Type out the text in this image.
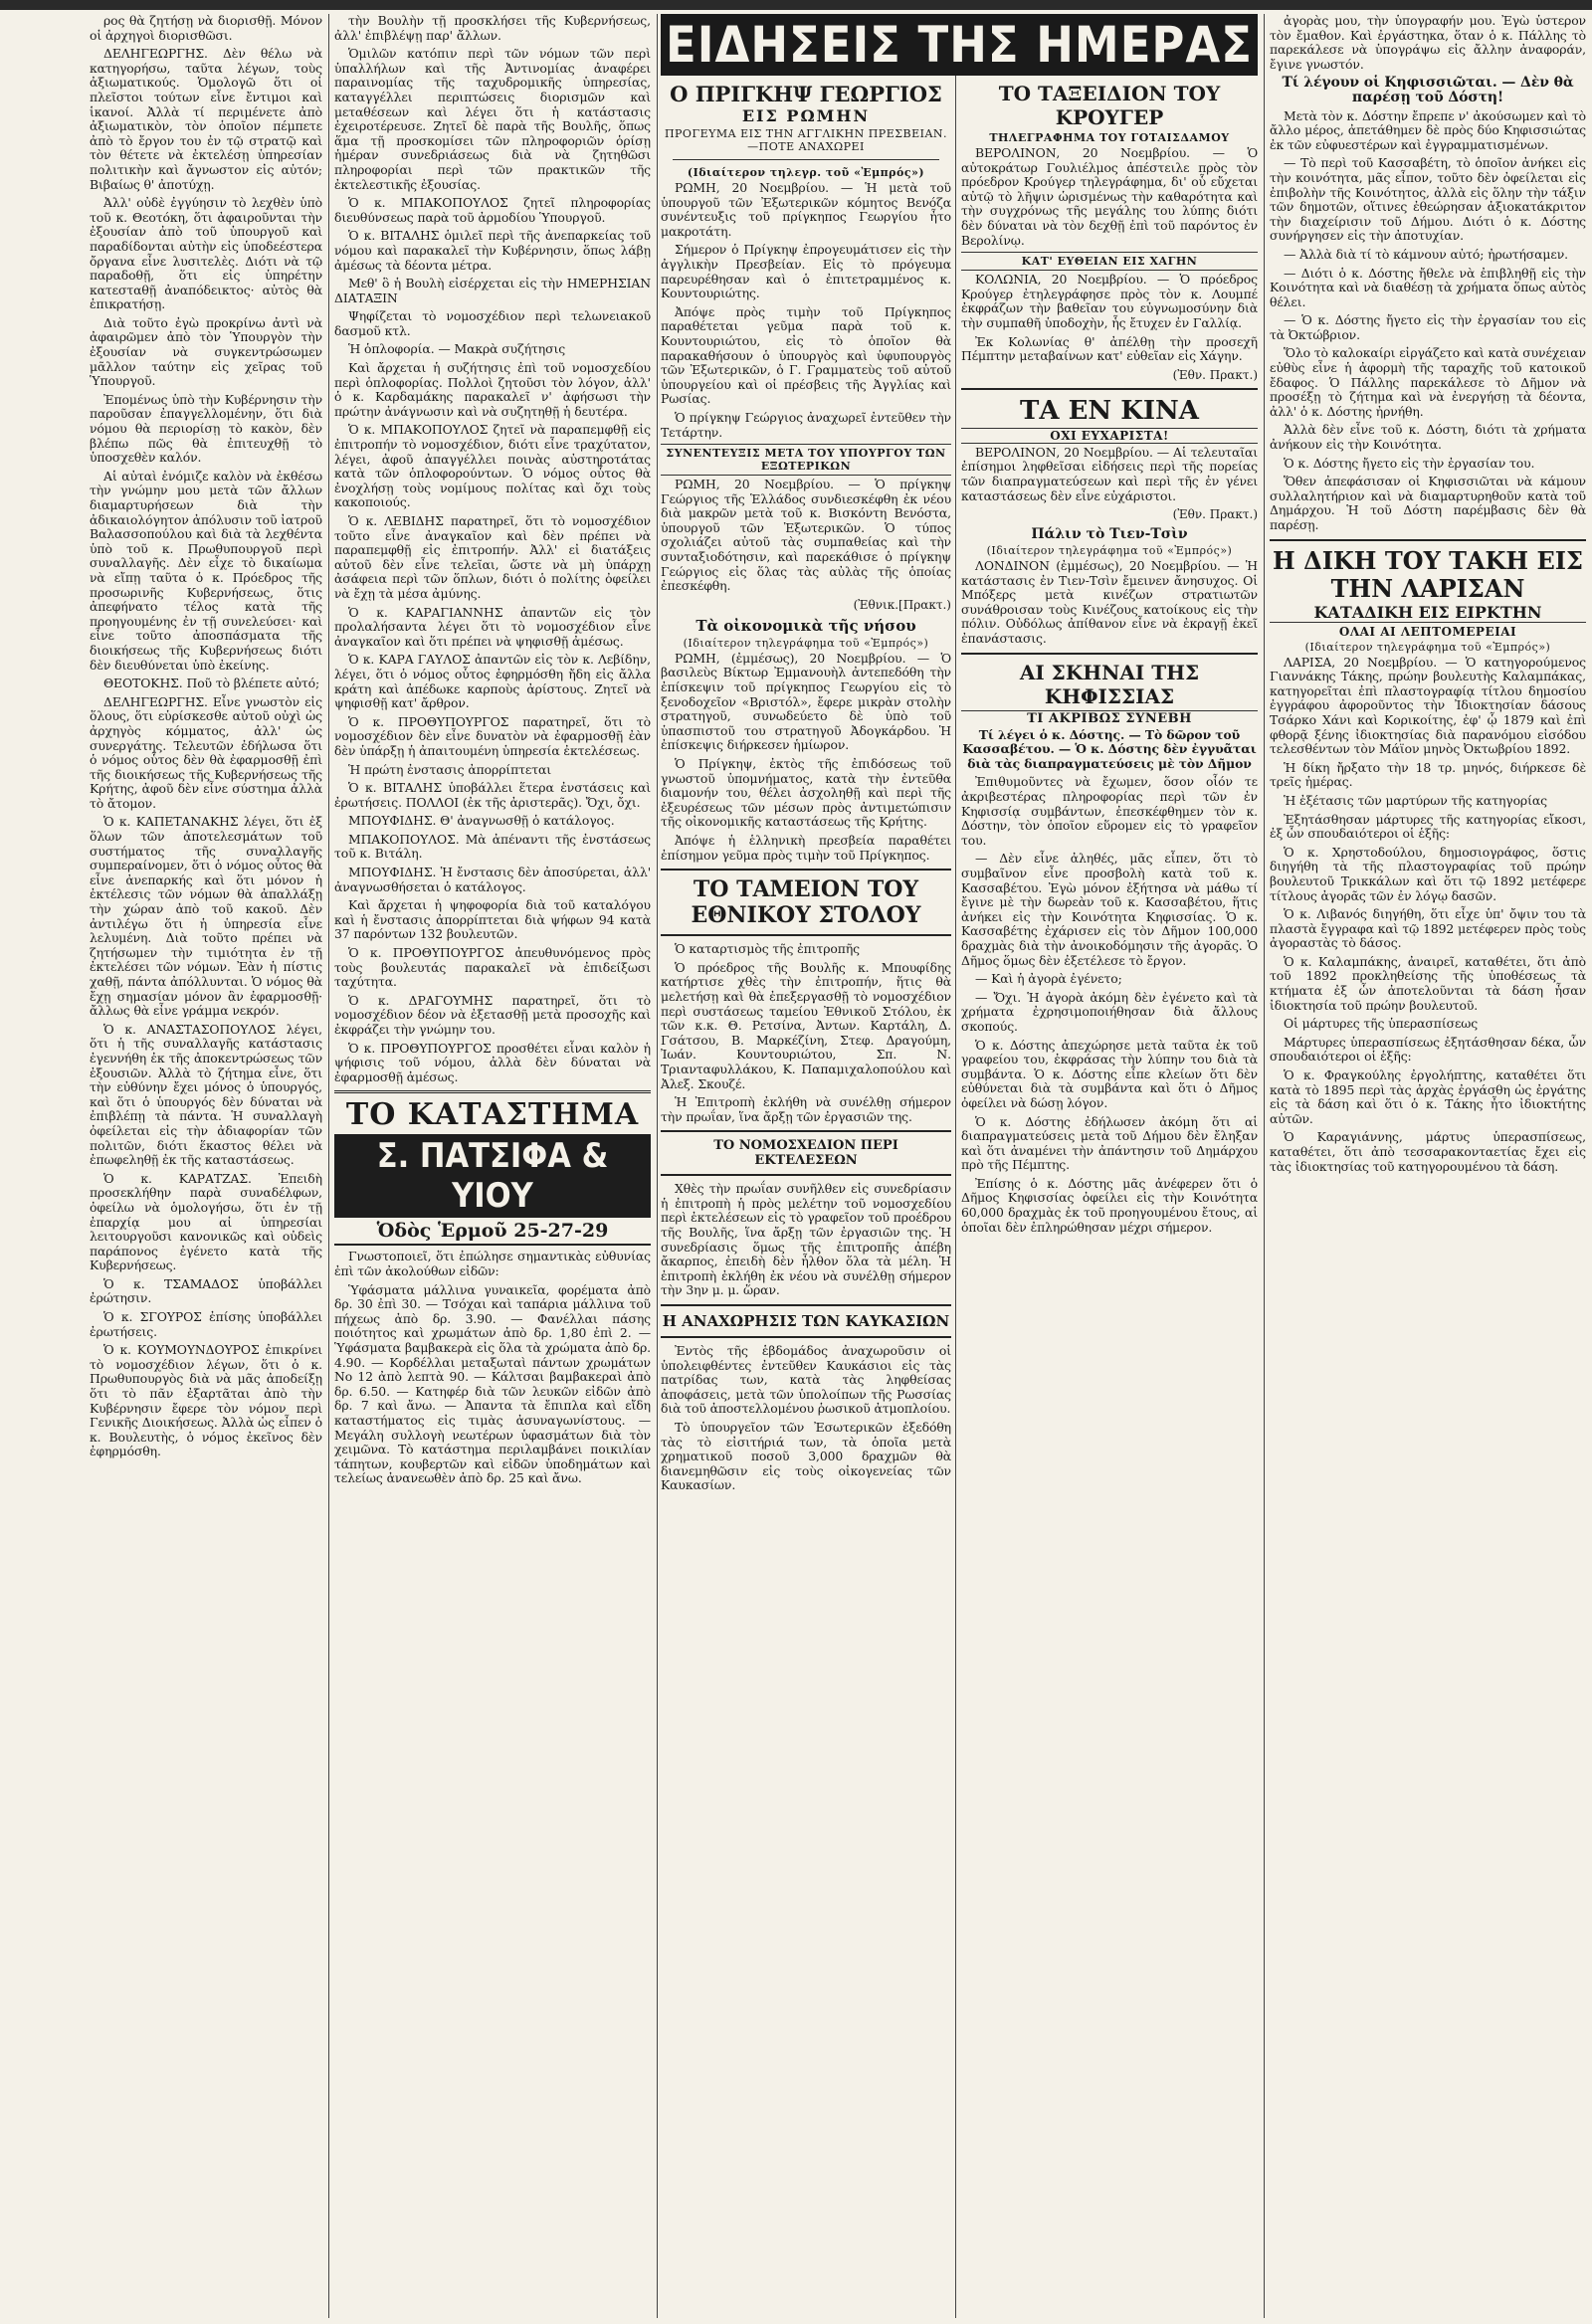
ρος θὰ ζητήσῃ νὰ διορισθῇ. Μόνον οἱ ἀρχηγοὶ διορισθῶσι.

ΔΕΛΗΓΕΩΡΓΗΣ. Δὲν θέλω νὰ κατηγορήσω, ταῦτα λέγων, τοὺς ἀξιωματικούς. Ὁμολογῶ ὅτι οἱ πλεῖστοι τούτων εἶνε ἔντιμοι καὶ ἱκανοί. Ἀλλὰ τί περιμένετε ἀπὸ ἀξιωματικὸν, τὸν ὁποῖον πέμπετε ἀπὸ τὸ ἔργον του ἐν τῷ στρατῷ καὶ τὸν θέτετε νὰ ἐκτελέσῃ ὑπηρεσίαν πολιτικὴν καὶ ἄγνωστον εἰς αὐτόν; Βιβαίως θ' ἀποτύχῃ.

Ἀλλ' οὐδὲ ἐγγύησιν τὸ λεχθὲν ὑπὸ τοῦ κ. Θεοτόκη, ὅτι ἀφαιροῦνται τὴν ἐξουσίαν ἀπὸ τοῦ ὑπουργοῦ καὶ παραδίδονται αὐτὴν εἰς ὑποδεέστερα ὄργανα εἶνε λυσιτελὲς. Διότι νὰ τῷ παραδοθῇ, ὅτι εἰς ὑπηρέτην κατεσταθῇ ἀναπόδεικτος· αὐτὸς θὰ ἐπικρατήσῃ.

Διὰ τοῦτο ἐγὼ προκρίνω ἀντὶ νὰ ἀφαιρῶμεν ἀπὸ τὸν Ὑπουργὸν τὴν ἐξουσίαν νὰ συγκεντρώσωμεν μᾶλλον ταύτην εἰς χεῖρας τοῦ Ὑπουργοῦ.

Ἐπομένως ὑπὸ τὴν Κυβέρνησιν τὴν παροῦσαν ἐπαγγελλομένην, ὅτι διὰ νόμου θὰ περιορίσῃ τὸ κακὸν, δὲν βλέπω πῶς θὰ ἐπιτευχθῇ τὸ ὑποσχεθὲν καλόν.

Αἱ αὐταὶ ἐνόμιζε καλὸν νὰ ἐκθέσω τὴν γνώμην μου μετὰ τῶν ἄλλων διαμαρτυρήσεων διὰ τὴν ἀδικαιολόγητον ἀπόλυσιν τοῦ ἰατροῦ Βαλασσοπούλου καὶ διὰ τὰ λεχθέντα ὑπὸ τοῦ κ. Πρωθυπουργοῦ περὶ συναλλαγῆς. Δὲν εἶχε τὸ δικαίωμα νὰ εἴπῃ ταῦτα ὁ κ. Πρόεδρος τῆς προσωρινῆς Κυβερνήσεως, ὅτις ἀπεφήνατο τέλος κατὰ τῆς προηγουμένης ἐν τῇ συνελεύσει· καὶ εἶνε τοῦτο ἀποσπάσματα τῆς διοικήσεως τῆς Κυβερνήσεως διότι δὲν διευθύνεται ὑπὸ ἐκείνης.

ΘΕΟΤΟΚΗΣ. Ποῦ τὸ βλέπετε αὐτό;

ΔΕΛΗΓΕΩΡΓΗΣ. Εἶνε γνωστὸν εἰς ὅλους, ὅτι εὑρίσκεσθε αὐτοῦ οὐχὶ ὡς ἀρχηγὸς κόμματος, ἀλλ' ὡς συνεργάτης. Τελευτῶν ἐδήλωσα ὅτι ὁ νόμος οὗτος δὲν θὰ ἐφαρμοσθῇ ἐπὶ τῆς διοικήσεως τῆς Κυβερνήσεως τῆς Κρήτης, ἀφοῦ δὲν εἶνε σύστημα ἀλλὰ τὸ ἄτομον.

Ὁ κ. ΚΑΠΕΤΑΝΑΚΗΣ λέγει, ὅτι ἐξ ὅλων τῶν ἀποτελεσμάτων τοῦ συστήματος τῆς συναλλαγῆς συμπεραίνομεν, ὅτι ὁ νόμος οὗτος θὰ εἶνε ἀνεπαρκής καὶ ὅτι μόνον ἡ ἐκτέλεσις τῶν νόμων θὰ ἀπαλλάξῃ τὴν χώραν ἀπὸ τοῦ κακοῦ. Δὲν ἀντιλέγω ὅτι ἡ ὑπηρεσία εἶνε λελυμένη. Διὰ τοῦτο πρέπει νὰ ζητήσωμεν τὴν τιμιότητα ἐν τῇ ἐκτελέσει τῶν νόμων. Ἐὰν ἡ πίστις χαθῇ, πάντα ἀπόλλυνται. Ὁ νόμος θὰ ἔχῃ σημασίαν μόνον ἂν ἐφαρμοσθῇ· ἄλλως θὰ εἶνε γράμμα νεκρόν.

Ὁ κ. ΑΝΑΣΤΑΣΟΠΟΥΛΟΣ λέγει, ὅτι ἡ τῆς συναλλαγῆς κατάστασις ἐγεννήθη ἐκ τῆς ἀποκεντρώσεως τῶν ἐξουσιῶν. Ἀλλὰ τὸ ζήτημα εἶνε, ὅτι τὴν εὐθύνην ἔχει μόνος ὁ ὑπουργός, καὶ ὅτι ὁ ὑπουργός δὲν δύναται νὰ ἐπιβλέπῃ τὰ πάντα. Ἡ συναλλαγὴ ὀφείλεται εἰς τὴν ἀδιαφορίαν τῶν πολιτῶν, διότι ἕκαστος θέλει νὰ ἐπωφεληθῇ ἐκ τῆς καταστάσεως.

Ὁ κ. ΚΑΡΑΤΖΑΣ. Ἐπειδὴ προσεκλήθην παρὰ συναδέλφων, ὀφείλω νὰ ὁμολογήσω, ὅτι ἐν τῇ ἐπαρχίᾳ μου αἱ ὑπηρεσίαι λειτουργοῦσι κανονικῶς καὶ οὐδεὶς παράπονος ἐγένετο κατὰ τῆς Κυβερνήσεως.

Ὁ κ. ΤΣΑΜΑΔΟΣ ὑποβάλλει ἐρώτησιν.

Ὁ κ. ΣΓΟΥΡΟΣ ἐπίσης ὑποβάλλει ἐρωτήσεις.

Ὁ κ. ΚΟΥΜΟΥΝΔΟΥΡΟΣ ἐπικρίνει τὸ νομοσχέδιον λέγων, ὅτι ὁ κ. Πρωθυπουργὸς διὰ νὰ μᾶς ἀποδείξῃ ὅτι τὸ πᾶν ἐξαρτᾶται ἀπὸ τὴν Κυβέρνησιν ἔφερε τὸν νόμον περὶ Γενικῆς Διοικήσεως. Ἀλλὰ ὡς εἶπεν ὁ κ. Βουλευτὴς, ὁ νόμος ἐκεῖνος δὲν ἐφηρμόσθη.

τὴν Βουλὴν τῇ προσκλήσει τῆς Κυβερνήσεως, ἀλλ' ἐπιβλέψῃ παρ' ἄλλων.

Ὁμιλῶν κατόπιν περὶ τῶν νόμων τῶν περὶ ὑπαλλήλων καὶ τῆς Ἀντινομίας ἀναφέρει παραινομίας τῆς ταχυδρομικῆς ὑπηρεσίας, καταγγέλλει περιπτώσεις διορισμῶν καὶ μεταθέσεων καὶ λέγει ὅτι ἡ κατάστασις ἐχειροτέρευσε. Ζητεῖ δὲ παρὰ τῆς Βουλῆς, ὅπως ἅμα τῇ προσκομίσει τῶν πληροφοριῶν ὁρίσῃ ἡμέραν συνεδριάσεως διὰ νὰ ζητηθῶσι πληροφορίαι περὶ τῶν πρακτικῶν τῆς ἐκτελεστικῆς ἐξουσίας.

Ὁ κ. ΜΠΑΚΟΠΟΥΛΟΣ ζητεῖ πληροφορίας διευθύνσεως παρὰ τοῦ ἀρμοδίου Ὑπουργοῦ.

Ὁ κ. ΒΙΤΑΛΗΣ ὁμιλεῖ περὶ τῆς ἀνεπαρκείας τοῦ νόμου καὶ παρακαλεῖ τὴν Κυβέρνησιν, ὅπως λάβῃ ἀμέσως τὰ δέοντα μέτρα.

Μεθ' ὃ ἡ Βουλὴ εἰσέρχεται εἰς τὴν ΗΜΕΡΗΣΙΑΝ ΔΙΑΤΑΞΙΝ

Ψηφίζεται τὸ νομοσχέδιον περὶ τελωνειακοῦ δασμοῦ κτλ.

Ἡ ὁπλοφορία. — Μακρὰ συζήτησις

Καὶ ἄρχεται ἡ συζήτησις ἐπὶ τοῦ νομοσχεδίου περὶ ὁπλοφορίας. Πολλοὶ ζητοῦσι τὸν λόγον, ἀλλ' ὁ κ. Καρδαμάκης παρακαλεῖ ν' ἀφήσωσι τὴν πρώτην ἀνάγνωσιν καὶ νὰ συζητηθῇ ἡ δευτέρα.

Ὁ κ. ΜΠΑΚΟΠΟΥΛΟΣ ζητεῖ νὰ παραπεμφθῇ εἰς ἐπιτροπήν τὸ νομοσχέδιον, διότι εἶνε τραχύτατον, λέγει, ἀφοῦ ἀπαγγέλλει ποινὰς αὐστηροτάτας κατὰ τῶν ὁπλοφορούντων. Ὁ νόμος οὗτος θὰ ἐνοχλήσῃ τοὺς νομίμους πολίτας καὶ ὄχι τοὺς κακοποιούς.

Ὁ κ. ΛΕΒΙΔΗΣ παρατηρεῖ, ὅτι τὸ νομοσχέδιον τοῦτο εἶνε ἀναγκαῖον καὶ δὲν πρέπει νὰ παραπεμφθῇ εἰς ἐπιτροπήν. Ἀλλ' εἰ διατάξεις αὐτοῦ δὲν εἶνε τελεῖαι, ὥστε νὰ μὴ ὑπάρχῃ ἀσάφεια περὶ τῶν ὅπλων, διότι ὁ πολίτης ὀφείλει νὰ ἔχῃ τὰ μέσα ἀμύνης.

Ὁ κ. ΚΑΡΑΓΙΑΝΝΗΣ ἀπαντῶν εἰς τὸν προλαλήσαντα λέγει ὅτι τὸ νομοσχέδιον εἶνε ἀναγκαῖον καὶ ὅτι πρέπει νὰ ψηφισθῇ ἀμέσως.

Ὁ κ. ΚΑΡΑ ΓΑΥΛΟΣ ἀπαντῶν εἰς τὸν κ. Λεβίδην, λέγει, ὅτι ὁ νόμος οὗτος ἐφηρμόσθη ἤδη εἰς ἄλλα κράτη καὶ ἀπέδωκε καρποὺς ἀρίστους. Ζητεῖ νὰ ψηφισθῇ κατ' ἄρθρον.

Ὁ κ. ΠΡΟΘΥΠΟΥΡΓΟΣ παρατηρεῖ, ὅτι τὸ νομοσχέδιον δὲν εἶνε δυνατὸν νὰ ἐφαρμοσθῇ ἐὰν δὲν ὑπάρξῃ ἡ ἀπαιτουμένη ὑπηρεσία ἐκτελέσεως.

Ἡ πρώτη ἐνστασις ἀπορρίπτεται

Ὁ κ. ΒΙΤΑΛΗΣ ὑποβάλλει ἕτερα ἐνστάσεις καὶ ἐρωτήσεις. ΠΟΛΛΟΙ (ἐκ τῆς ἀριστερᾶς). Ὄχι, ὄχι.

ΜΠΟΥΦΙΔΗΣ. Θ' ἀναγνωσθῇ ὁ κατάλογος.

ΜΠΑΚΟΠΟΥΛΟΣ. Μὰ ἀπέναντι τῆς ἐνστάσεως τοῦ κ. Βιτάλη.

ΜΠΟΥΦΙΔΗΣ. Ἡ ἔνστασις δὲν ἀποσύρεται, ἀλλ' ἀναγνωσθήσεται ὁ κατάλογος.

Καὶ ἄρχεται ἡ ψηφοφορία διὰ τοῦ καταλόγου καὶ ἡ ἔνστασις ἀπορρίπτεται διὰ ψήφων 94 κατὰ 37 παρόντων 132 βουλευτῶν.

Ὁ κ. ΠΡΟΘΥΠΟΥΡΓΟΣ ἀπευθυνόμενος πρὸς τοὺς βουλευτάς παρακαλεῖ νὰ ἐπιδείξωσι ταχύτητα.

Ὁ κ. ΔΡΑΓΟΥΜΗΣ παρατηρεῖ, ὅτι τὸ νομοσχέδιον δέον νὰ ἐξετασθῇ μετὰ προσοχῆς καὶ ἐκφράζει τὴν γνώμην του.

Ὁ κ. ΠΡΟΘΥΠΟΥΡΓΟΣ προσθέτει εἶναι καλὸν ἡ ψήφισις τοῦ νόμου, ἀλλὰ δὲν δύναται νὰ ἐφαρμοσθῇ ἀμέσως.

ΤΟ ΚΑΤΑΣΤΗΜΑ
Σ. ΠΑΤΣΙΦΑ & ΥΙΟΥ
Ὁδὸς Ἑρμοῦ 25-27-29

Γνωστοποιεῖ, ὅτι ἐπώλησε σημαντικὰς εὐθυνίας ἐπὶ τῶν ἀκολούθων εἰδῶν:

Ὑφάσματα μάλλινα γυναικεῖα, φορέματα ἀπὸ δρ. 30 ἐπὶ 30. — Τσόχαι καὶ ταπάρια μάλλινα τοῦ πήχεως ἀπὸ δρ. 3.90. — Φανέλλαι πάσης ποιότητος καὶ χρωμάτων ἀπὸ δρ. 1,80 ἐπὶ 2. — Ὑφάσματα βαμβακερὰ εἰς ὅλα τὰ χρώματα ἀπὸ δρ. 4.90. — Κορδέλλαι μεταξωταὶ πάντων χρωμάτων Νο 12 ἀπὸ λεπτὰ 90. — Κάλτσαι βαμβακεραὶ ἀπὸ δρ. 6.50. — Κατηφέρ διὰ τῶν λευκῶν εἰδῶν ἀπὸ δρ. 7 καὶ ἄνω. — Ἀπαντα τὰ ἔπιπλα καὶ εἴδη καταστήματος εἰς τιμὰς ἀσυναγωνίστους. — Μεγάλη συλλογὴ νεωτέρων ὑφασμάτων διὰ τὸν χειμῶνα. Τὸ κατάστημα περιλαμβάνει ποικιλίαν τάπητων, κουβερτῶν καὶ εἰδῶν ὑποδημάτων καὶ τελείως ἀνανεωθὲν ἀπὸ δρ. 25 καὶ ἄνω.

ΕΙΔΗΣΕΙΣ ΤΗΣ ΗΜΕΡΑΣ
Ο ΠΡΙΓΚΗΨ ΓΕΩΡΓΙΟΣ
ΕΙΣ ΡΩΜΗΝ
ΠΡΟΓΕΥΜΑ ΕΙΣ ΤΗΝ ΑΓΓΛΙΚΗΝ ΠΡΕΣΒΕΙΑΝ.—ΠΟΤΕ ΑΝΑΧΩΡΕΙ
(Ιδιαίτερον τηλεγρ. τοῦ «Ἐμπρός»)

ΡΩΜΗ, 20 Νοεμβρίου. — Ἡ μετὰ τοῦ ὑπουργοῦ τῶν Ἐξωτερικῶν κόμητος Βενόζα συνέντευξις τοῦ πρίγκηπος Γεωργίου ἦτο μακροτάτη.

Σήμερον ὁ Πρίγκηψ ἐπρογευμάτισεν εἰς τὴν ἀγγλικὴν Πρεσβείαν. Εἰς τὸ πρόγευμα παρευρέθησαν καὶ ὁ ἐπιτετραμμένος κ. Κουντουριώτης.

Ἀπόψε πρὸς τιμὴν τοῦ Πρίγκηπος παραθέτεται γεῦμα παρὰ τοῦ κ. Κουντουριώτου, εἰς τὸ ὁποῖον θὰ παρακαθήσουν ὁ ὑπουργὸς καὶ ὑφυπουργὸς τῶν Ἐξωτερικῶν, ὁ Γ. Γραμματεὺς τοῦ αὐτοῦ ὑπουργείου καὶ οἱ πρέσβεις τῆς Ἀγγλίας καὶ Ρωσίας.

Ὁ πρίγκηψ Γεώργιος ἀναχωρεῖ ἐντεῦθεν τὴν Τετάρτην.

ΣΥΝΕΝΤΕΥΞΙΣ ΜΕΤΑ ΤΟΥ ΥΠΟΥΡΓΟΥ ΤΩΝ ΕΞΩΤΕΡΙΚΩΝ

ΡΩΜΗ, 20 Νοεμβρίου. — Ὁ πρίγκηψ Γεώργιος τῆς Ἑλλάδος συνδιεσκέφθη ἐκ νέου διὰ μακρῶν μετὰ τοῦ κ. Βισκόντη Βενόστα, ὑπουργοῦ τῶν Ἐξωτερικῶν. Ὁ τύπος σχολιάζει αὐτοῦ τὰς συμπαθείας καὶ τὴν συνταξιοδότησιν, καὶ παρεκάθισε ὁ πρίγκηψ Γεώργιος εἰς ὅλας τὰς αὐλὰς τῆς ὁποίας ἐπεσκέφθη.

(Ἐθνικ.[Πρακτ.)
Τὰ οἰκονομικὰ τῆς νήσου
(Ιδιαίτερον τηλεγράφημα τοῦ «Ἐμπρός»)

ΡΩΜΗ, (ἐμμέσως), 20 Νοεμβρίου. — Ὁ βασιλεὺς Βίκτωρ Ἐμμανουὴλ ἀντεπεδόθη τὴν ἐπίσκεψιν τοῦ πρίγκηπος Γεωργίου εἰς τὸ ξενοδοχεῖον «Βριστόλ», ἔφερε μικρὰν στολὴν στρατηγοῦ, συνωδεύετο δὲ ὑπὸ τοῦ ὑπασπιστοῦ του στρατηγοῦ Ἀδογκάρδου. Ἡ ἐπίσκεψις διήρκεσεν ἡμίωρον.

Ὁ Πρίγκηψ, ἐκτὸς τῆς ἐπιδόσεως τοῦ γνωστοῦ ὑπομνήματος, κατὰ τὴν ἐντεῦθα διαμονήν του, θέλει ἀσχοληθῇ καὶ περὶ τῆς ἐξευρέσεως τῶν μέσων πρὸς ἀντιμετώπισιν τῆς οἰκονομικῆς καταστάσεως τῆς Κρήτης.

Ἀπόψε ἡ ἑλληνικὴ πρεσβεία παραθέτει ἐπίσημον γεῦμα πρὸς τιμὴν τοῦ Πρίγκηπος.

ΤΟ ΤΑΜΕΙΟΝ ΤΟΥ ΕΘΝΙΚΟΥ ΣΤΟΛΟΥ

Ὁ καταρτισμὸς τῆς ἐπιτροπῆς

Ὁ πρόεδρος τῆς Βουλῆς κ. Μπουφίδης κατήρτισε χθὲς τὴν ἐπιτροπήν, ἥτις θὰ μελετήσῃ καὶ θὰ ἐπεξεργασθῇ τὸ νομοσχέδιον περὶ συστάσεως ταμείου Ἐθνικοῦ Στόλου, ἐκ τῶν κ.κ. Θ. Ρετσίνα, Ἀντων. Καρτάλη, Δ. Γσάτσου, Β. Μαρκέζίνη, Στεφ. Δραγούμη, Ἰωάν. Κουντουριώτου, Σπ. Ν. Τριανταφυλλάκου, Κ. Παπαμιχαλοπούλου καὶ Ἀλεξ. Σκουζέ.

Ἡ Ἐπιτροπὴ ἐκλήθη νὰ συνέλθῃ σήμερον τὴν πρωΐαν, ἵνα ἄρξῃ τῶν ἐργασιῶν της.

ΤΟ ΝΟΜΟΣΧΕΔΙΟΝ ΠΕΡΙ ΕΚΤΕΛΕΣΕΩΝ

Χθὲς τὴν πρωΐαν συνῆλθεν εἰς συνεδρίασιν ἡ ἐπιτροπὴ ἡ πρὸς μελέτην τοῦ νομοσχεδίου περὶ ἐκτελέσεων εἰς τὸ γραφεῖον τοῦ προέδρου τῆς Βουλῆς, ἵνα ἄρξῃ τῶν ἐργασιῶν της. Ἡ συνεδρίασις ὅμως τῆς ἐπιτροπῆς ἀπέβη ἄκαρπος, ἐπειδὴ δὲν ἦλθον ὅλα τὰ μέλη. Ἡ ἐπιτροπὴ ἐκλήθη ἐκ νέου νὰ συνέλθῃ σήμερον τὴν 3ην μ. μ. ὥραν.

Η ΑΝΑΧΩΡΗΣΙΣ ΤΩΝ ΚΑΥΚΑΣΙΩΝ

Ἐντὸς τῆς ἑβδομάδος ἀναχωροῦσιν οἱ ὑπολειφθέντες ἐντεῦθεν Καυκάσιοι εἰς τὰς πατρίδας των, κατὰ τὰς ληφθείσας ἀποφάσεις, μετὰ τῶν ὑπολοίπων τῆς Ρωσσίας διὰ τοῦ ἀποστελλομένου ῥωσικοῦ ἀτμοπλοίου.

Τὸ ὑπουργεῖον τῶν Ἐσωτερικῶν ἐξεδόθη τὰς τὸ εἰσιτήριά των, τὰ ὁποῖα μετὰ χρηματικοῦ ποσοῦ 3,000 δραχμῶν θὰ διανεμηθῶσιν εἰς τοὺς οἰκογενείας τῶν Καυκασίων.

ΤΟ ΤΑΞΕΙΔΙΟΝ ΤΟΥ ΚΡΟΥΓΕΡ
ΤΗΛΕΓΡΑΦΗΜΑ ΤΟΥ ΓΟΤΑΙΣΔΑΜΟΥ

ΒΕΡΟΛΙΝΟΝ, 20 Νοεμβρίου. — Ὁ αὐτοκράτωρ Γουλιέλμος ἀπέστειλε πρὸς τὸν πρόεδρον Κρούγερ τηλεγράφημα, δι' οὗ εὔχεται αὐτῷ τὸ λῆψιν ὡρισμένως τὴν καθαρότητα καὶ τὴν συγχρόνως τῆς μεγάλης του λύπης διότι δὲν δύναται νὰ τὸν δεχθῇ ἐπὶ τοῦ παρόντος ἐν Βερολίνῳ.

ΚΑΤ' ΕΥΘΕΙΑΝ ΕΙΣ ΧΑΓΗΝ

ΚΟΛΩΝΙΑ, 20 Νοεμβρίου. — Ὁ πρόεδρος Κρούγερ ἐτηλεγράφησε πρὸς τὸν κ. Λουμπέ ἐκφράζων τὴν βαθεῖαν του εὐγνωμοσύνην διὰ τὴν συμπαθῆ ὑποδοχὴν, ἧς ἔτυχεν ἐν Γαλλίᾳ.

Ἐκ Κολωνίας θ' ἀπέλθῃ τὴν προσεχῆ Πέμπτην μεταβαίνων κατ' εὐθεῖαν εἰς Χάγην.

(Ἐθν. Πρακτ.)
ΤΑ ΕΝ ΚΙΝΑ
ΟΧΙ ΕΥΧΑΡΙΣΤΑ!

ΒΕΡΟΛΙΝΟΝ, 20 Νοεμβρίου. — Αἱ τελευταῖαι ἐπίσημοι ληφθεῖσαι εἰδήσεις περὶ τῆς πορείας τῶν διαπραγματεύσεων καὶ περὶ τῆς ἐν γένει καταστάσεως δὲν εἶνε εὐχάριστοι.

(Ἐθν. Πρακτ.)
Πάλιν τὸ Τιεν-Τσὶν
(Ιδιαίτερον τηλεγράφημα τοῦ «Ἐμπρός»)

ΛΟΝΔΙΝΟΝ (ἐμμέσως), 20 Νοεμβρίου. — Ἡ κατάστασις ἐν Τιεν-Τσὶν ἔμεινεν ἄνησυχος. Οἱ Μπόξερς μετὰ κινέζων στρατιωτῶν συνάθροισαν τοὺς Κινέζους κατοίκους εἰς τὴν πόλιν. Οὐδόλως ἀπίθανον εἶνε νὰ ἐκραγῇ ἐκεῖ ἐπανάστασις.

ΑΙ ΣΚΗΝΑΙ ΤΗΣ ΚΗΦΙΣΣΙΑΣ
ΤΙ ΑΚΡΙΒΩΣ ΣΥΝΕΒΗ
Τί λέγει ὁ κ. Δόστης. — Τὸ δῶρον τοῦ Κασσαβέτου. — Ὁ κ. Δόστης δὲν ἐγγυᾶται διὰ τὰς διαπραγματεύσεις μὲ τὸν Δῆμον

Ἐπιθυμοῦντες νὰ ἔχωμεν, ὅσον οἷόν τε ἀκριβεστέρας πληροφορίας περὶ τῶν ἐν Κηφισσίᾳ συμβάντων, ἐπεσκέφθημεν τὸν κ. Δόστην, τὸν ὁποῖον εὕρομεν εἰς τὸ γραφεῖον του.

— Δὲν εἶνε ἀληθές, μᾶς εἶπεν, ὅτι τὸ συμβαῖνον εἶνε προσβολὴ κατὰ τοῦ κ. Κασσαβέτου. Ἐγὼ μόνον ἐξήτησα νὰ μάθω τί ἔγινε μὲ τὴν δωρεὰν τοῦ κ. Κασσαβέτου, ἥτις ἀνήκει εἰς τὴν Κοινότητα Κηφισσίας. Ὁ κ. Κασσαβέτης ἐχάρισεν εἰς τὸν Δῆμον 100,000 δραχμὰς διὰ τὴν ἀνοικοδόμησιν τῆς ἀγορᾶς. Ὁ Δῆμος ὅμως δὲν ἐξετέλεσε τὸ ἔργον.

— Καὶ ἡ ἀγορὰ ἐγένετο;

— Ὄχι. Ἡ ἀγορὰ ἀκόμη δὲν ἐγένετο καὶ τὰ χρήματα ἐχρησιμοποιήθησαν διὰ ἄλλους σκοπούς.

Ὁ κ. Δόστης ἀπεχώρησε μετὰ ταῦτα ἐκ τοῦ γραφείου του, ἐκφράσας τὴν λύπην του διὰ τὰ συμβάντα. Ὁ κ. Δόστης εἶπε κλείων ὅτι δὲν εὐθύνεται διὰ τὰ συμβάντα καὶ ὅτι ὁ Δῆμος ὀφείλει νὰ δώσῃ λόγον.

Ὁ κ. Δόστης ἐδήλωσεν ἀκόμη ὅτι αἱ διαπραγματεύσεις μετὰ τοῦ Δήμου δὲν ἔληξαν καὶ ὅτι ἀναμένει τὴν ἀπάντησιν τοῦ Δημάρχου πρὸ τῆς Πέμπτης.

Ἐπίσης ὁ κ. Δόστης μᾶς ἀνέφερεν ὅτι ὁ Δῆμος Κηφισσίας ὀφείλει εἰς τὴν Κοινότητα 60,000 δραχμὰς ἐκ τοῦ προηγουμένου ἔτους, αἱ ὁποῖαι δὲν ἐπληρώθησαν μέχρι σήμερον.

ἀγορὰς μου, τὴν ὑπογραφήν μου. Ἐγὼ ὑστερον τὸν ἔμαθον. Καὶ ἐργάστηκα, ὅταν ὁ κ. Πάλλης τὸ παρεκάλεσε νὰ ὑπογράψω εἰς ἄλλην ἀναφοράν, ἔγινε γνωστόν.

Τί λέγουν οἱ Κηφισσιῶται. — Δὲν θὰ παρέσῃ τοῦ Δόστη!

Μετὰ τὸν κ. Δόστην ἔπρεπε ν' ἀκούσωμεν καὶ τὸ ἄλλο μέρος, ἀπετάθημεν δὲ πρὸς δύο Κηφισσιώτας ἐκ τῶν εὐφυεστέρων καὶ ἐγγραμματισμένων.

— Τὸ περὶ τοῦ Κασσαβέτη, τὸ ὁποῖον ἀνήκει εἰς τὴν κοινότητα, μᾶς εἶπον, τοῦτο δὲν ὀφείλεται εἰς ἐπιβολὴν τῆς Κοινότητος, ἀλλὰ εἰς ὅλην τὴν τάξιν τῶν δημοτῶν, οἵτινες ἐθεώρησαν ἀξιοκατάκριτον τὴν διαχείρισιν τοῦ Δήμου. Διότι ὁ κ. Δόστης συνήργησεν εἰς τὴν ἀποτυχίαν.

— Ἀλλὰ διὰ τί τὸ κάμνουν αὐτό; ἠρωτήσαμεν.

— Διότι ὁ κ. Δόστης ἤθελε νὰ ἐπιβληθῇ εἰς τὴν Κοινότητα καὶ νὰ διαθέσῃ τὰ χρήματα ὅπως αὐτὸς θέλει.

— Ὁ κ. Δόστης ἤγετο εἰς τὴν ἐργασίαν του εἰς τὰ Ὀκτώβριον.

Ὅλο τὸ καλοκαίρι εἰργάζετο καὶ κατὰ συνέχειαν εὐθὺς εἶνε ἡ ἀφορμὴ τῆς ταραχῆς τοῦ κατοικοῦ ἔδαφος. Ὁ Πάλλης παρεκάλεσε τὸ Δῆμον νὰ προσέξῃ τὸ ζήτημα καὶ νὰ ἐνεργήσῃ τὰ δέοντα, ἀλλ' ὁ κ. Δόστης ἠρνήθη.

Ἀλλὰ δὲν εἶνε τοῦ κ. Δόστη, διότι τὰ χρήματα ἀνήκουν εἰς τὴν Κοινότητα.

Ὁ κ. Δόστης ἤγετο εἰς τὴν ἐργασίαν του.

Ὅθεν ἀπεφάσισαν οἱ Κηφισσιῶται νὰ κάμουν συλλαλητήριον καὶ νὰ διαμαρτυρηθοῦν κατὰ τοῦ Δημάρχου. Ἡ τοῦ Δόστη παρέμβασις δὲν θὰ παρέσῃ.

Η ΔΙΚΗ ΤΟΥ ΤΑΚΗ ΕΙΣ ΤΗΝ ΛΑΡΙΣΑΝ
ΚΑΤΑΔΙΚΗ ΕΙΣ ΕΙΡΚΤΗΝ
ΟΛΑΙ ΑΙ ΛΕΠΤΟΜΕΡΕΙΑΙ
(Ιδιαίτερον τηλεγράφημα τοῦ «Ἐμπρός»)

ΛΑΡΙΣΑ, 20 Νοεμβρίου. — Ὁ κατηγορούμενος Γιαννάκης Τάκης, πρώην βουλευτὴς Καλαμπάκας, κατηγορεῖται ἐπὶ πλαστογραφίᾳ τίτλου δημοσίου ἐγγράφου ἀφοροῦντος τὴν Ἰδιοκτησίαν δάσους Τσάρκο Χάνι καὶ Κορικοίτης, ἐφ' ᾧ 1879 καὶ ἐπὶ φθορᾷ ξένης ἰδιοκτησίας διὰ παρανόμου εἰσόδου τελεσθέντων τὸν Μάϊον μηνὸς Ὀκτωβρίου 1892.

Ἡ δίκη ἤρξατο τὴν 18 τρ. μηνός, διήρκεσε δὲ τρεῖς ἡμέρας.

Ἡ ἐξέτασις τῶν μαρτύρων τῆς κατηγορίας

Ἐξητάσθησαν μάρτυρες τῆς κατηγορίας εἴκοσι, ἐξ ὧν σπουδαιότεροι οἱ ἑξῆς:

Ὁ κ. Χρηστοδούλου, δημοσιογράφος, ὅστις διηγήθη τὰ τῆς πλαστογραφίας τοῦ πρώην βουλευτοῦ Τρικκάλων καὶ ὅτι τῷ 1892 μετέφερε τίτλους ἀγορᾶς τῶν ἐν λόγῳ δασῶν.

Ὁ κ. Λιβανός διηγήθη, ὅτι εἶχε ὑπ' ὄψιν του τὰ πλαστὰ ἔγγραφα καὶ τῷ 1892 μετέφερεν πρὸς τοὺς ἀγοραστὰς τὸ δάσος.

Ὁ κ. Καλαμπάκης, ἀναιρεῖ, καταθέτει, ὅτι ἀπὸ τοῦ 1892 προκληθείσης τῆς ὑποθέσεως τὰ κτήματα ἐξ ὧν ἀποτελοῦνται τὰ δάση ἦσαν ἰδιοκτησία τοῦ πρώην βουλευτοῦ.

Οἱ μάρτυρες τῆς ὑπερασπίσεως

Μάρτυρες ὑπερασπίσεως ἐξητάσθησαν δέκα, ὧν σπουδαιότεροι οἱ ἑξῆς:

Ὁ κ. Φραγκούλης ἐργολήπτης, καταθέτει ὅτι κατὰ τὸ 1895 περὶ τὰς ἀρχὰς ἐργάσθη ὡς ἐργάτης εἰς τὰ δάση καὶ ὅτι ὁ κ. Τάκης ἦτο ἰδιοκτήτης αὐτῶν.

Ὁ Καραγιάννης, μάρτυς ὑπερασπίσεως, καταθέτει, ὅτι ἀπὸ τεσσαρακονταετίας ἔχει εἰς τὰς ἰδιοκτησίας τοῦ κατηγορουμένου τὰ δάση.
